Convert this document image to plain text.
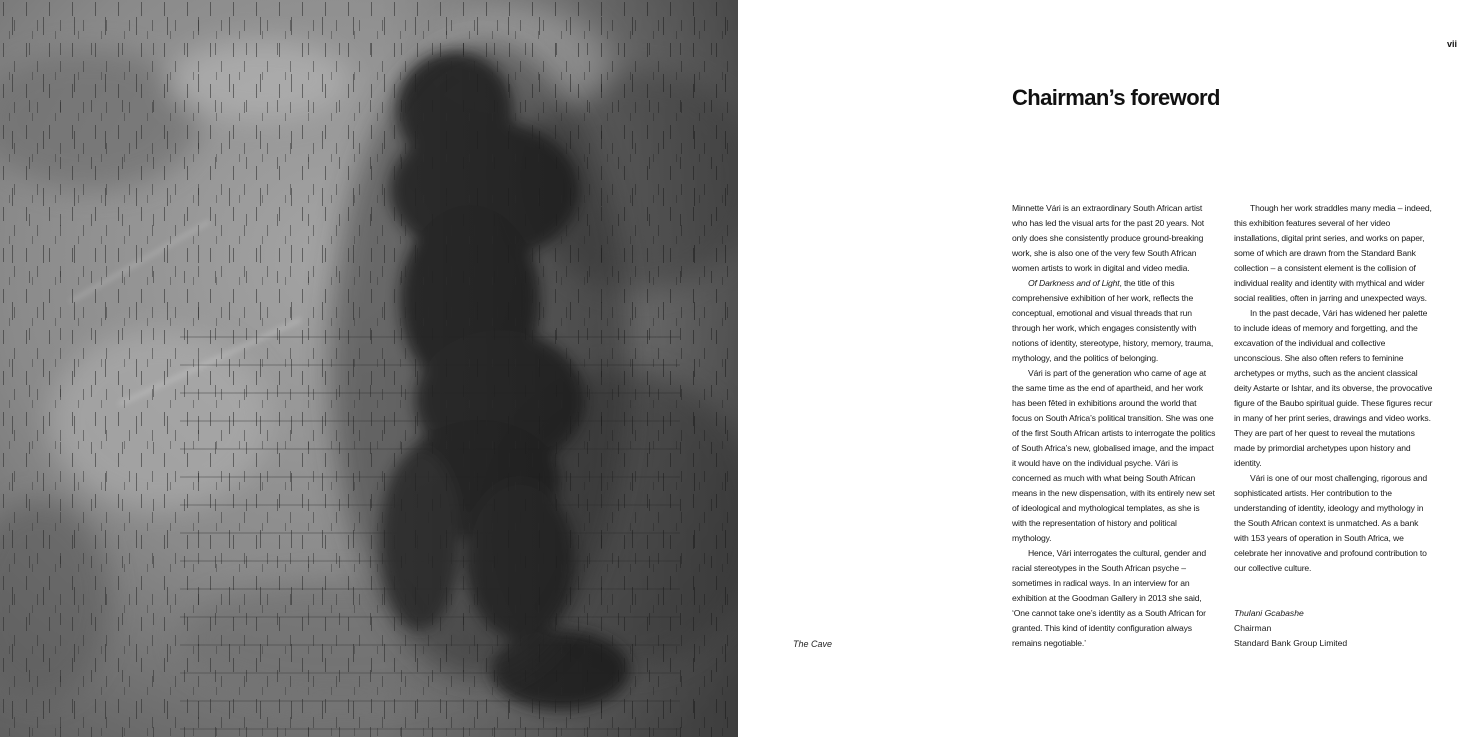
The Cave
vii
Chairman’s foreword

Minnette Vári is an extraordinary South African artist who has led the visual arts for the past 20 years. Not only does she consistently produce ground-breaking work, she is also one of the very few South African women artists to work in digital and video media.

Of Darkness and of Light, the title of this comprehensive exhibition of her work, reflects the conceptual, emotional and visual threads that run through her work, which engages consistently with notions of identity, stereotype, history, memory, trauma, mythology, and the politics of belonging.

Vári is part of the generation who came of age at the same time as the end of apartheid, and her work has been fêted in exhibitions around the world that focus on South Africa’s political transition. She was one of the first South African artists to interrogate the politics of South Africa’s new, globalised image, and the impact it would have on the individual psyche. Vári is concerned as much with what being South African means in the new dispensation, with its entirely new set of ideological and mythological templates, as she is with the representation of history and political mythology.

Hence, Vári interrogates the cultural, gender and racial stereotypes in the South African psyche – sometimes in radical ways. In an interview for an exhibition at the Goodman Gallery in 2013 she said, ‘One cannot take one’s identity as a South African for granted. This kind of identity configuration always remains negotiable.’

Though her work straddles many media – indeed, this exhibition features several of her video installations, digital print series, and works on paper, some of which are drawn from the Standard Bank collection – a consistent element is the collision of individual reality and identity with mythical and wider social realities, often in jarring and unexpected ways.

In the past decade, Vári has widened her palette to include ideas of memory and forgetting, and the excavation of the individual and collective unconscious. She also often refers to feminine archetypes or myths, such as the ancient classical deity Astarte or Ishtar, and its obverse, the provocative figure of the Baubo spiritual guide. These figures recur in many of her print series, drawings and video works. They are part of her quest to reveal the mutations made by primordial archetypes upon history and identity.

Vári is one of our most challenging, rigorous and sophisticated artists. Her contribution to the understanding of identity, ideology and mythology in the South African context is unmatched. As a bank with 153 years of operation in South Africa, we celebrate her innovative and profound contribution to our collective culture.

Thulani Gcabashe
Chairman
Standard Bank Group Limited
